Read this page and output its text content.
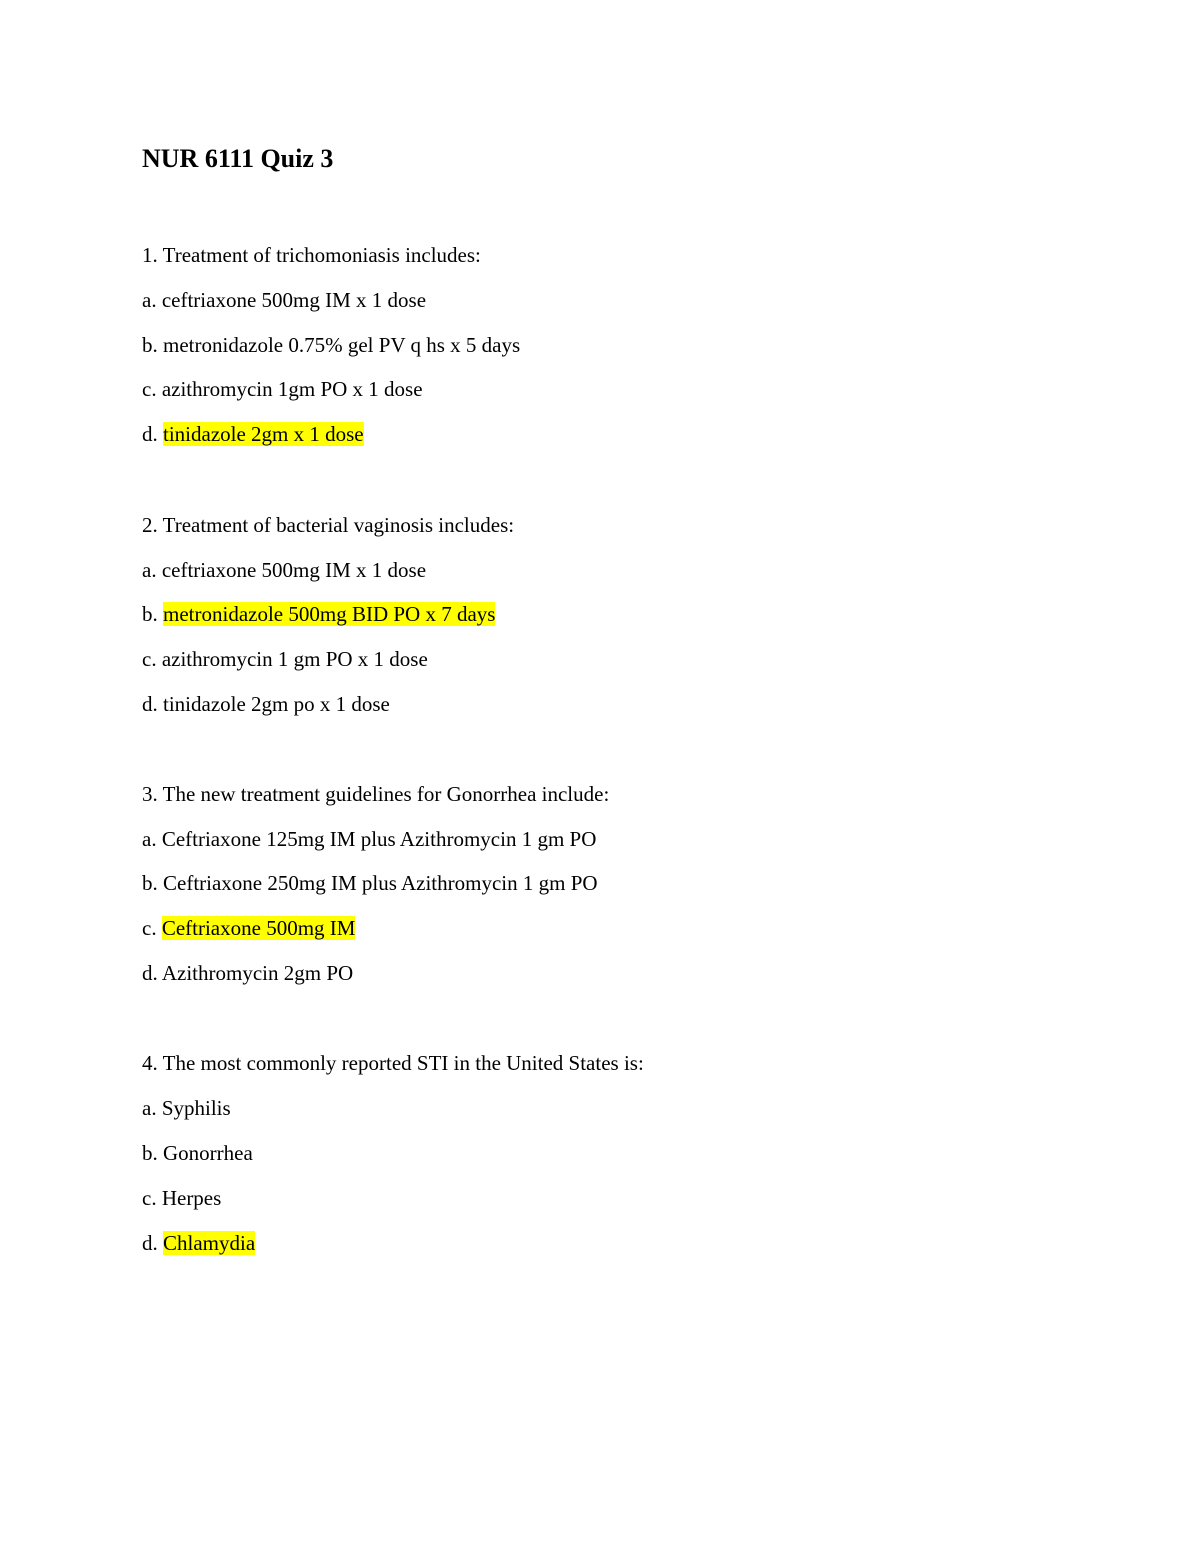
NUR 6111 Quiz 3
1. Treatment of trichomoniasis includes:
a. ceftriaxone 500mg IM x 1 dose
b. metronidazole 0.75% gel PV q hs x 5 days
c. azithromycin 1gm PO x 1 dose
d. tinidazole 2gm x 1 dose
2. Treatment of bacterial vaginosis includes:
a. ceftriaxone 500mg IM x 1 dose
b. metronidazole 500mg BID PO x 7 days
c. azithromycin 1 gm PO x 1 dose
d. tinidazole 2gm po x 1 dose
3. The new treatment guidelines for Gonorrhea include:
a. Ceftriaxone 125mg IM plus Azithromycin 1 gm PO
b. Ceftriaxone 250mg IM plus Azithromycin 1 gm PO
c. Ceftriaxone 500mg IM
d. Azithromycin 2gm PO
4. The most commonly reported STI in the United States is:
a. Syphilis
b. Gonorrhea
c. Herpes
d. Chlamydia
